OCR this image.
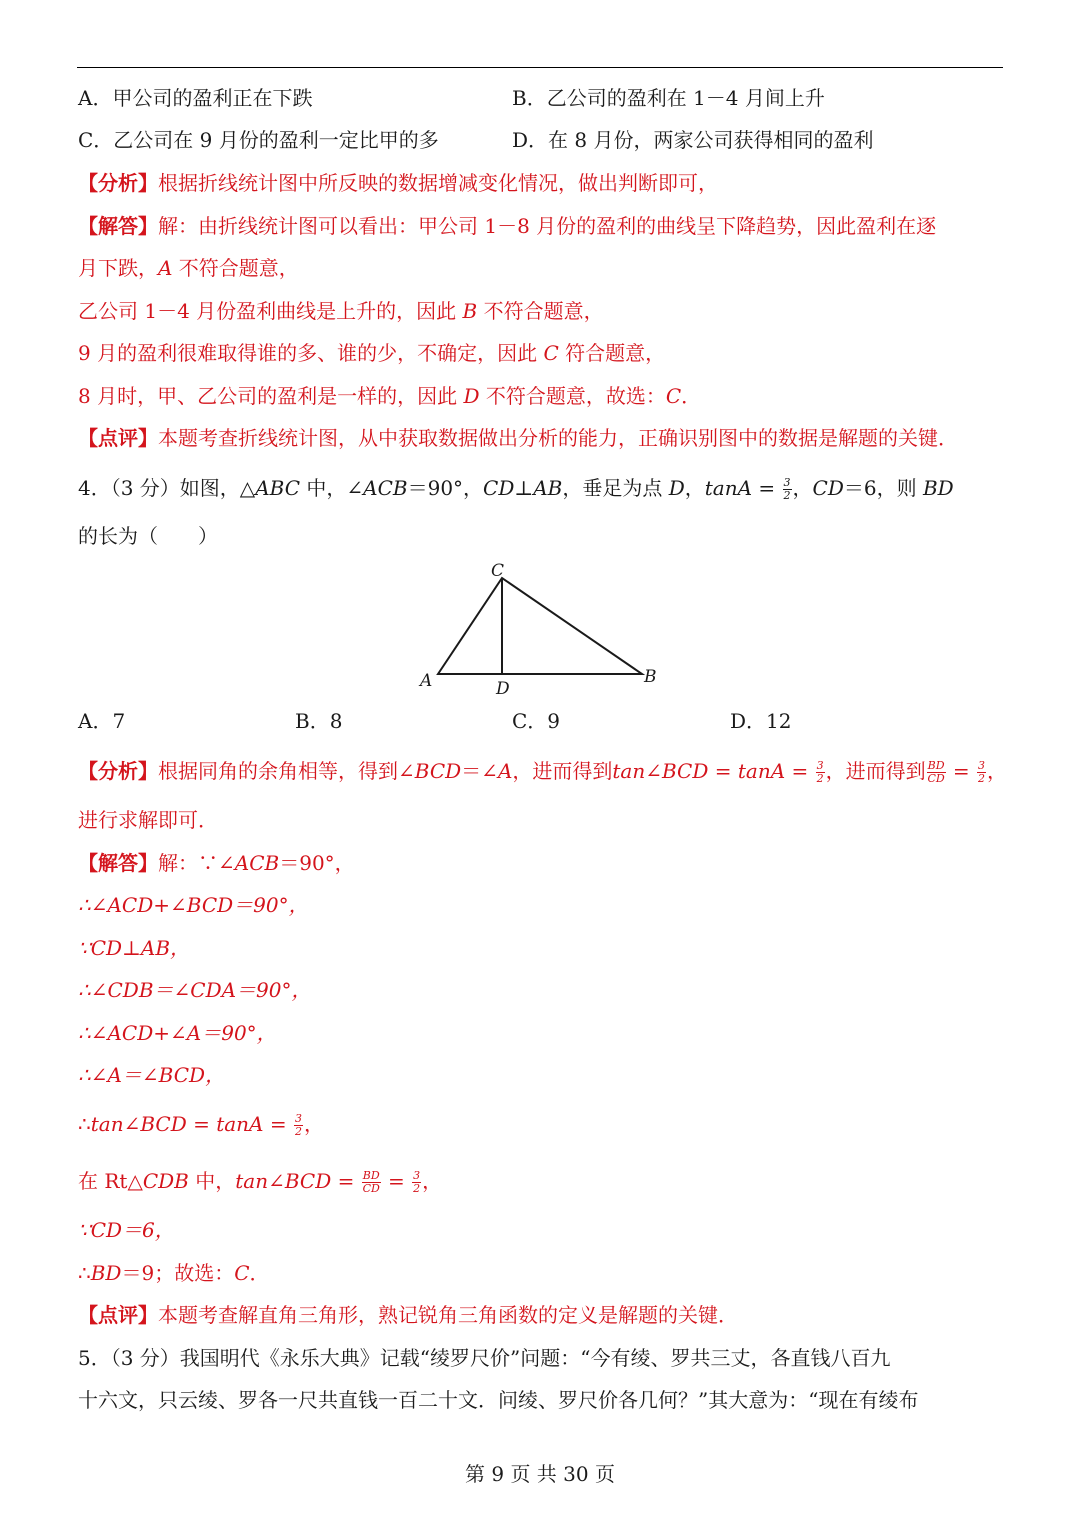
A．甲公司的盈利正在下跌	B．乙公司的盈利在 1－4 月间上升
C．乙公司在 9 月份的盈利一定比甲的多	D．在 8 月份，两家公司获得相同的盈利
【分析】根据折线统计图中所反映的数据增减变化情况，做出判断即可，
【解答】解：由折线统计图可以看出：甲公司 1－8 月份的盈利的曲线呈下降趋势，因此盈利在逐
月下跌，A 不符合题意，
乙公司 1－4 月份盈利曲线是上升的，因此 B 不符合题意，
9 月的盈利很难取得谁的多、谁的少，不确定，因此 C 符合题意，
8 月时，甲、乙公司的盈利是一样的，因此 D 不符合题意，故选：C．
【点评】本题考查折线统计图，从中获取数据做出分析的能力，正确识别图中的数据是解题的关键．
4．（3 分）如图，△ABC 中，∠ACB＝90°，CD⊥AB，垂足为点 D，$\tan A = \frac{3}{2}$ ，CD＝6，则 BD
的长为（　　）
C
A	D
B
A．7	B．8	C．9	D．12
【分析】根据同角的余角相等，得到∠BCD＝∠A，进而得到tan∠BCD = $\tan A = \frac{3}{2}$ ，进而得到 $\frac{BD}{CD} = \frac{3}{2}$ ，
进行求解即可．
【解答】解：∵∠ACB＝90°，
∴∠ACD+∠BCD＝90°，
∵CD⊥AB，
∴∠CDB＝∠CDA＝90°，
∴∠ACD+∠A＝90°，
∴∠A＝∠BCD，
∴tan∠BCD = $\tan A = \frac{3}{2}$ ，
在 Rt△CDB 中，tan∠BCD = $\frac{BD}{CD} = \frac{3}{2}$ ，
∵CD＝6，
∴BD＝9；故选：C．
【点评】本题考查解直角三角形，熟记锐角三角函数的定义是解题的关键．
5．（3 分）我国明代《永乐大典》记载“绫罗尺价”问题：“今有绫、罗共三丈，各直钱八百九
十六文，只云绫、罗各一尺共直钱一百二十文．问绫、罗尺价各几何？”其大意为：“现在有绫布
第 9 页 共 30 页
